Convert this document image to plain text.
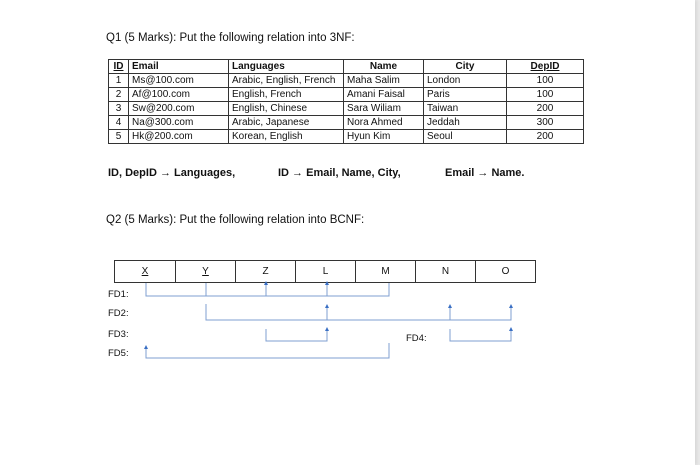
Q1 (5 Marks): Put the following relation into 3NF:
ID	Email	Languages	Name	City	DepID
1	Ms@100.com	Arabic, English, French	Maha Salim	London	100
2	Af@100.com	English, French	Amani Faisal	Paris	100
3	Sw@200.com	English, Chinese	Sara Wiliam	Taiwan	200
4	Na@300.com	Arabic, Japanese	Nora Ahmed	Jeddah	300
5	Hk@200.com	Korean, English	Hyun Kim	Seoul	200
ID, DepID → Languages,	ID → Email, Name, City,	Email → Name.
Q2 (5 Marks): Put the following relation into BCNF:
X	Y	Z	L	M	N	O
FD1:
FD2:
FD3:	FD4:
FD5:
